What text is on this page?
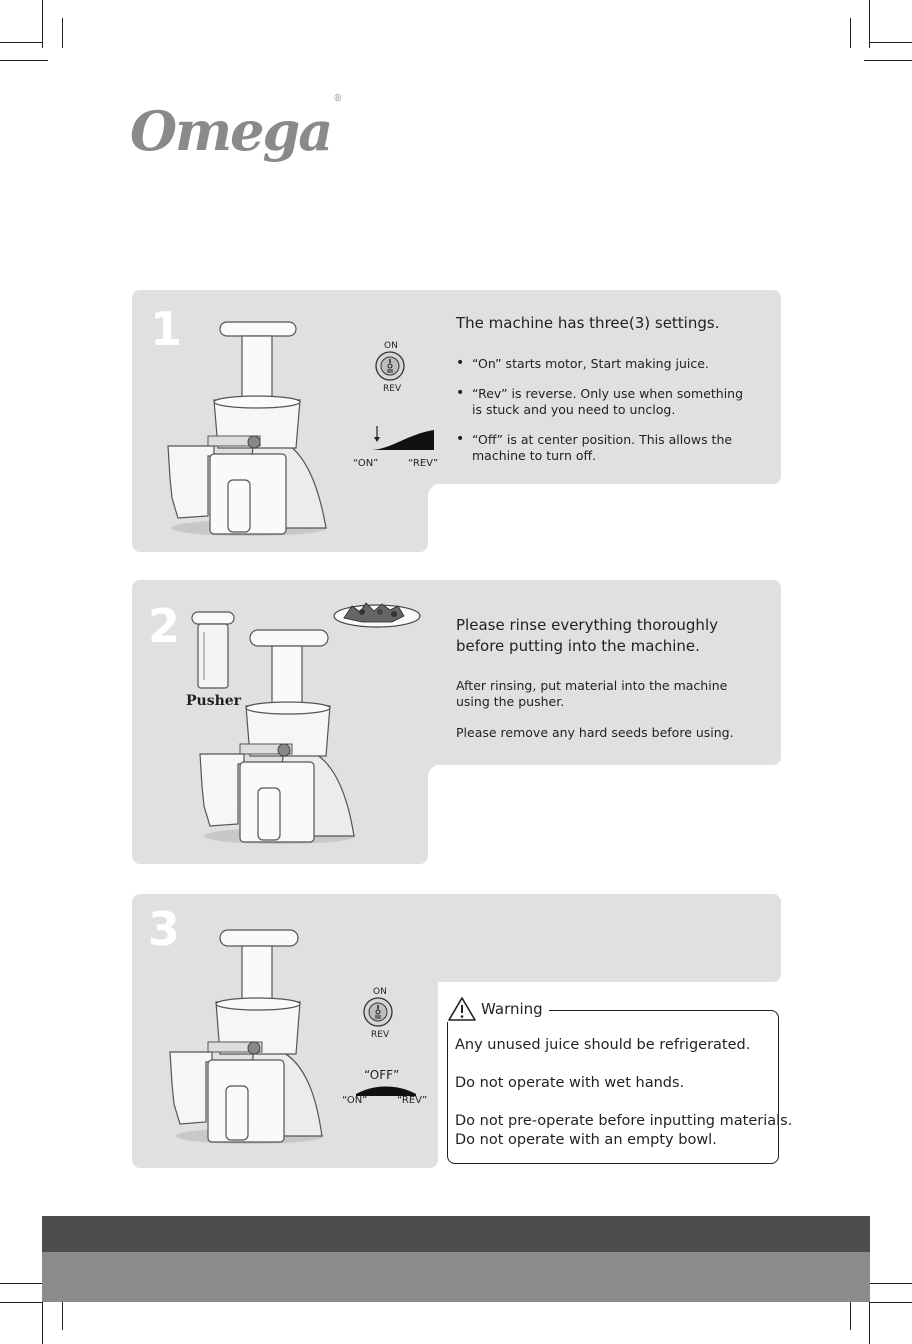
Omega ®
1	ON
REV
“ON”	“REV”
The machine has three(3) settings.
• “On” starts motor, Start making juice.
• “Rev” is reverse. Only use when something is stuck and you need to unclog.
• “Off” is at center position. This allows the machine to turn off.
2
Pusher
Please rinse everything thoroughly
before putting into the machine.
After rinsing, put material into the machine
using the pusher.
Please remove any hard seeds before using.
3
ON
REV
“OFF”
“ON”	“REV”
Warning
Any unused juice should be refrigerated.
Do not operate with wet hands.
Do not pre-operate before inputting materials.
Do not operate with an empty bowl.
